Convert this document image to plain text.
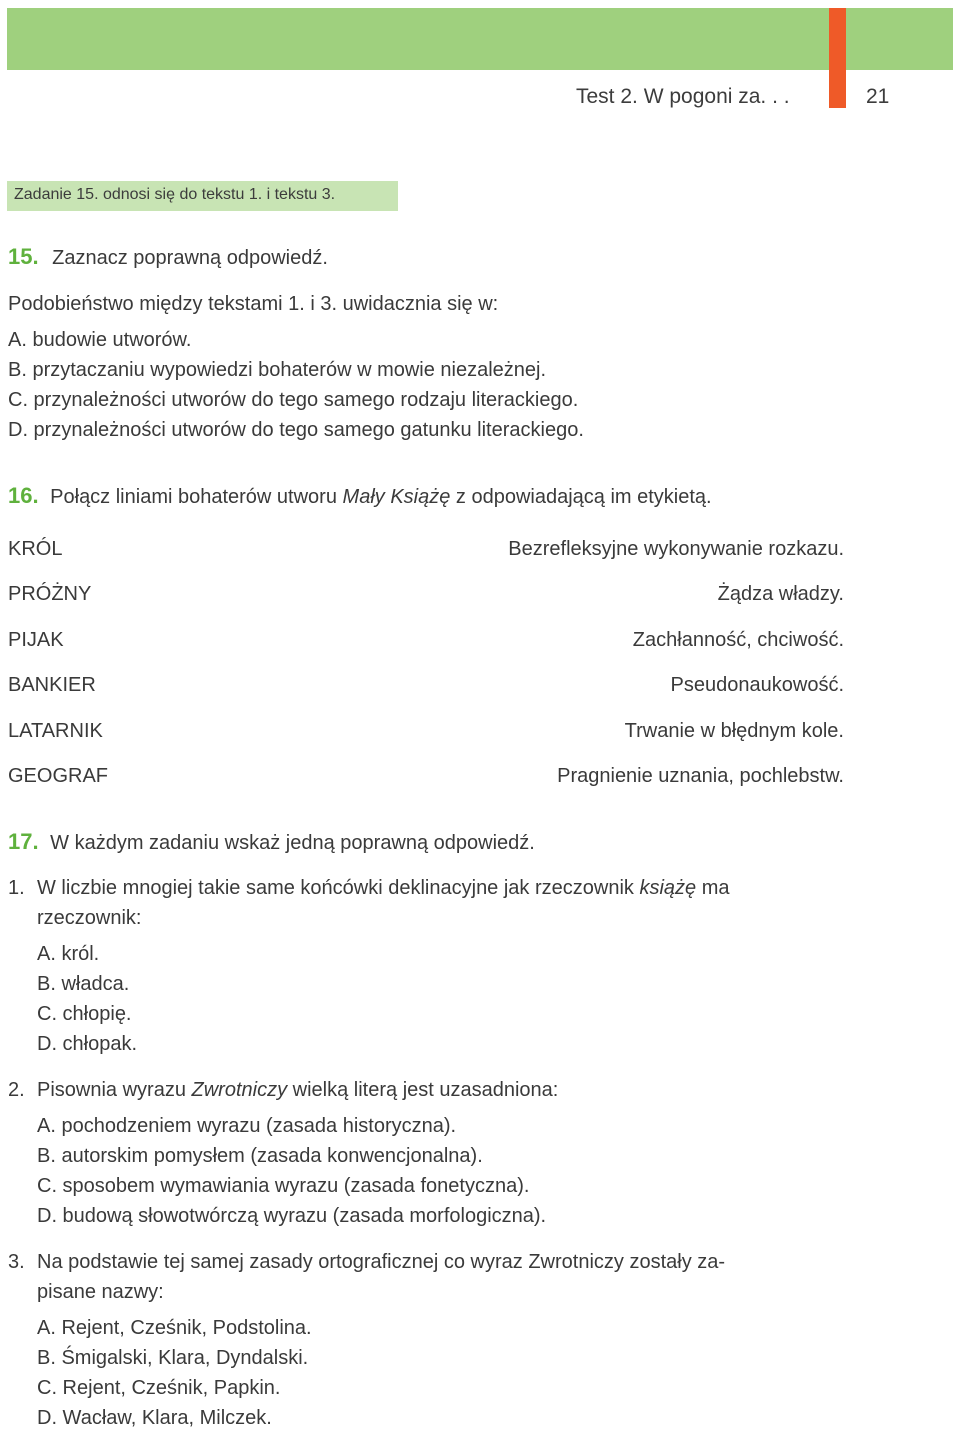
Test 2. W pogoni za. . .	21
Zadanie 15. odnosi się do tekstu 1. i tekstu 3.
15. Zaznacz poprawną odpowiedź.
Podobieństwo między tekstami 1. i 3. uwidacznia się w:
A. budowie utworów.
B. przytaczaniu wypowiedzi bohaterów w mowie niezależnej.
C. przynależności utworów do tego samego rodzaju literackiego.
D. przynależności utworów do tego samego gatunku literackiego.
16. Połącz liniami bohaterów utworu Mały Książę z odpowiadającą im etykietą.
KRÓL
PRÓŻNY
PIJAK
BANKIER
LATARNIK
GEOGRAF
Bezrefleksyjne wykonywanie rozkazu.
Żądza władzy.
Zachłanność, chciwość.
Pseudonaukowość.
Trwanie w błędnym kole.
Pragnienie uznania, pochlebstw.
17. W każdym zadaniu wskaż jedną poprawną odpowiedź.
1. W liczbie mnogiej takie same końcówki deklinacyjne jak rzeczownik książę ma
rzeczownik:
A. król.
B. władca.
C. chłopię.
D. chłopak.
2. Pisownia wyrazu Zwrotniczy wielką literą jest uzasadniona:
A. pochodzeniem wyrazu (zasada historyczna).
B. autorskim pomysłem (zasada konwencjonalna).
C. sposobem wymawiania wyrazu (zasada fonetyczna).
D. budową słowotwórczą wyrazu (zasada morfologiczna).
3. Na podstawie tej samej zasady ortograficznej co wyraz Zwrotniczy zostały za-
pisane nazwy:
A. Rejent, Cześnik, Podstolina.
B. Śmigalski, Klara, Dyndalski.
C. Rejent, Cześnik, Papkin.
D. Wacław, Klara, Milczek.
